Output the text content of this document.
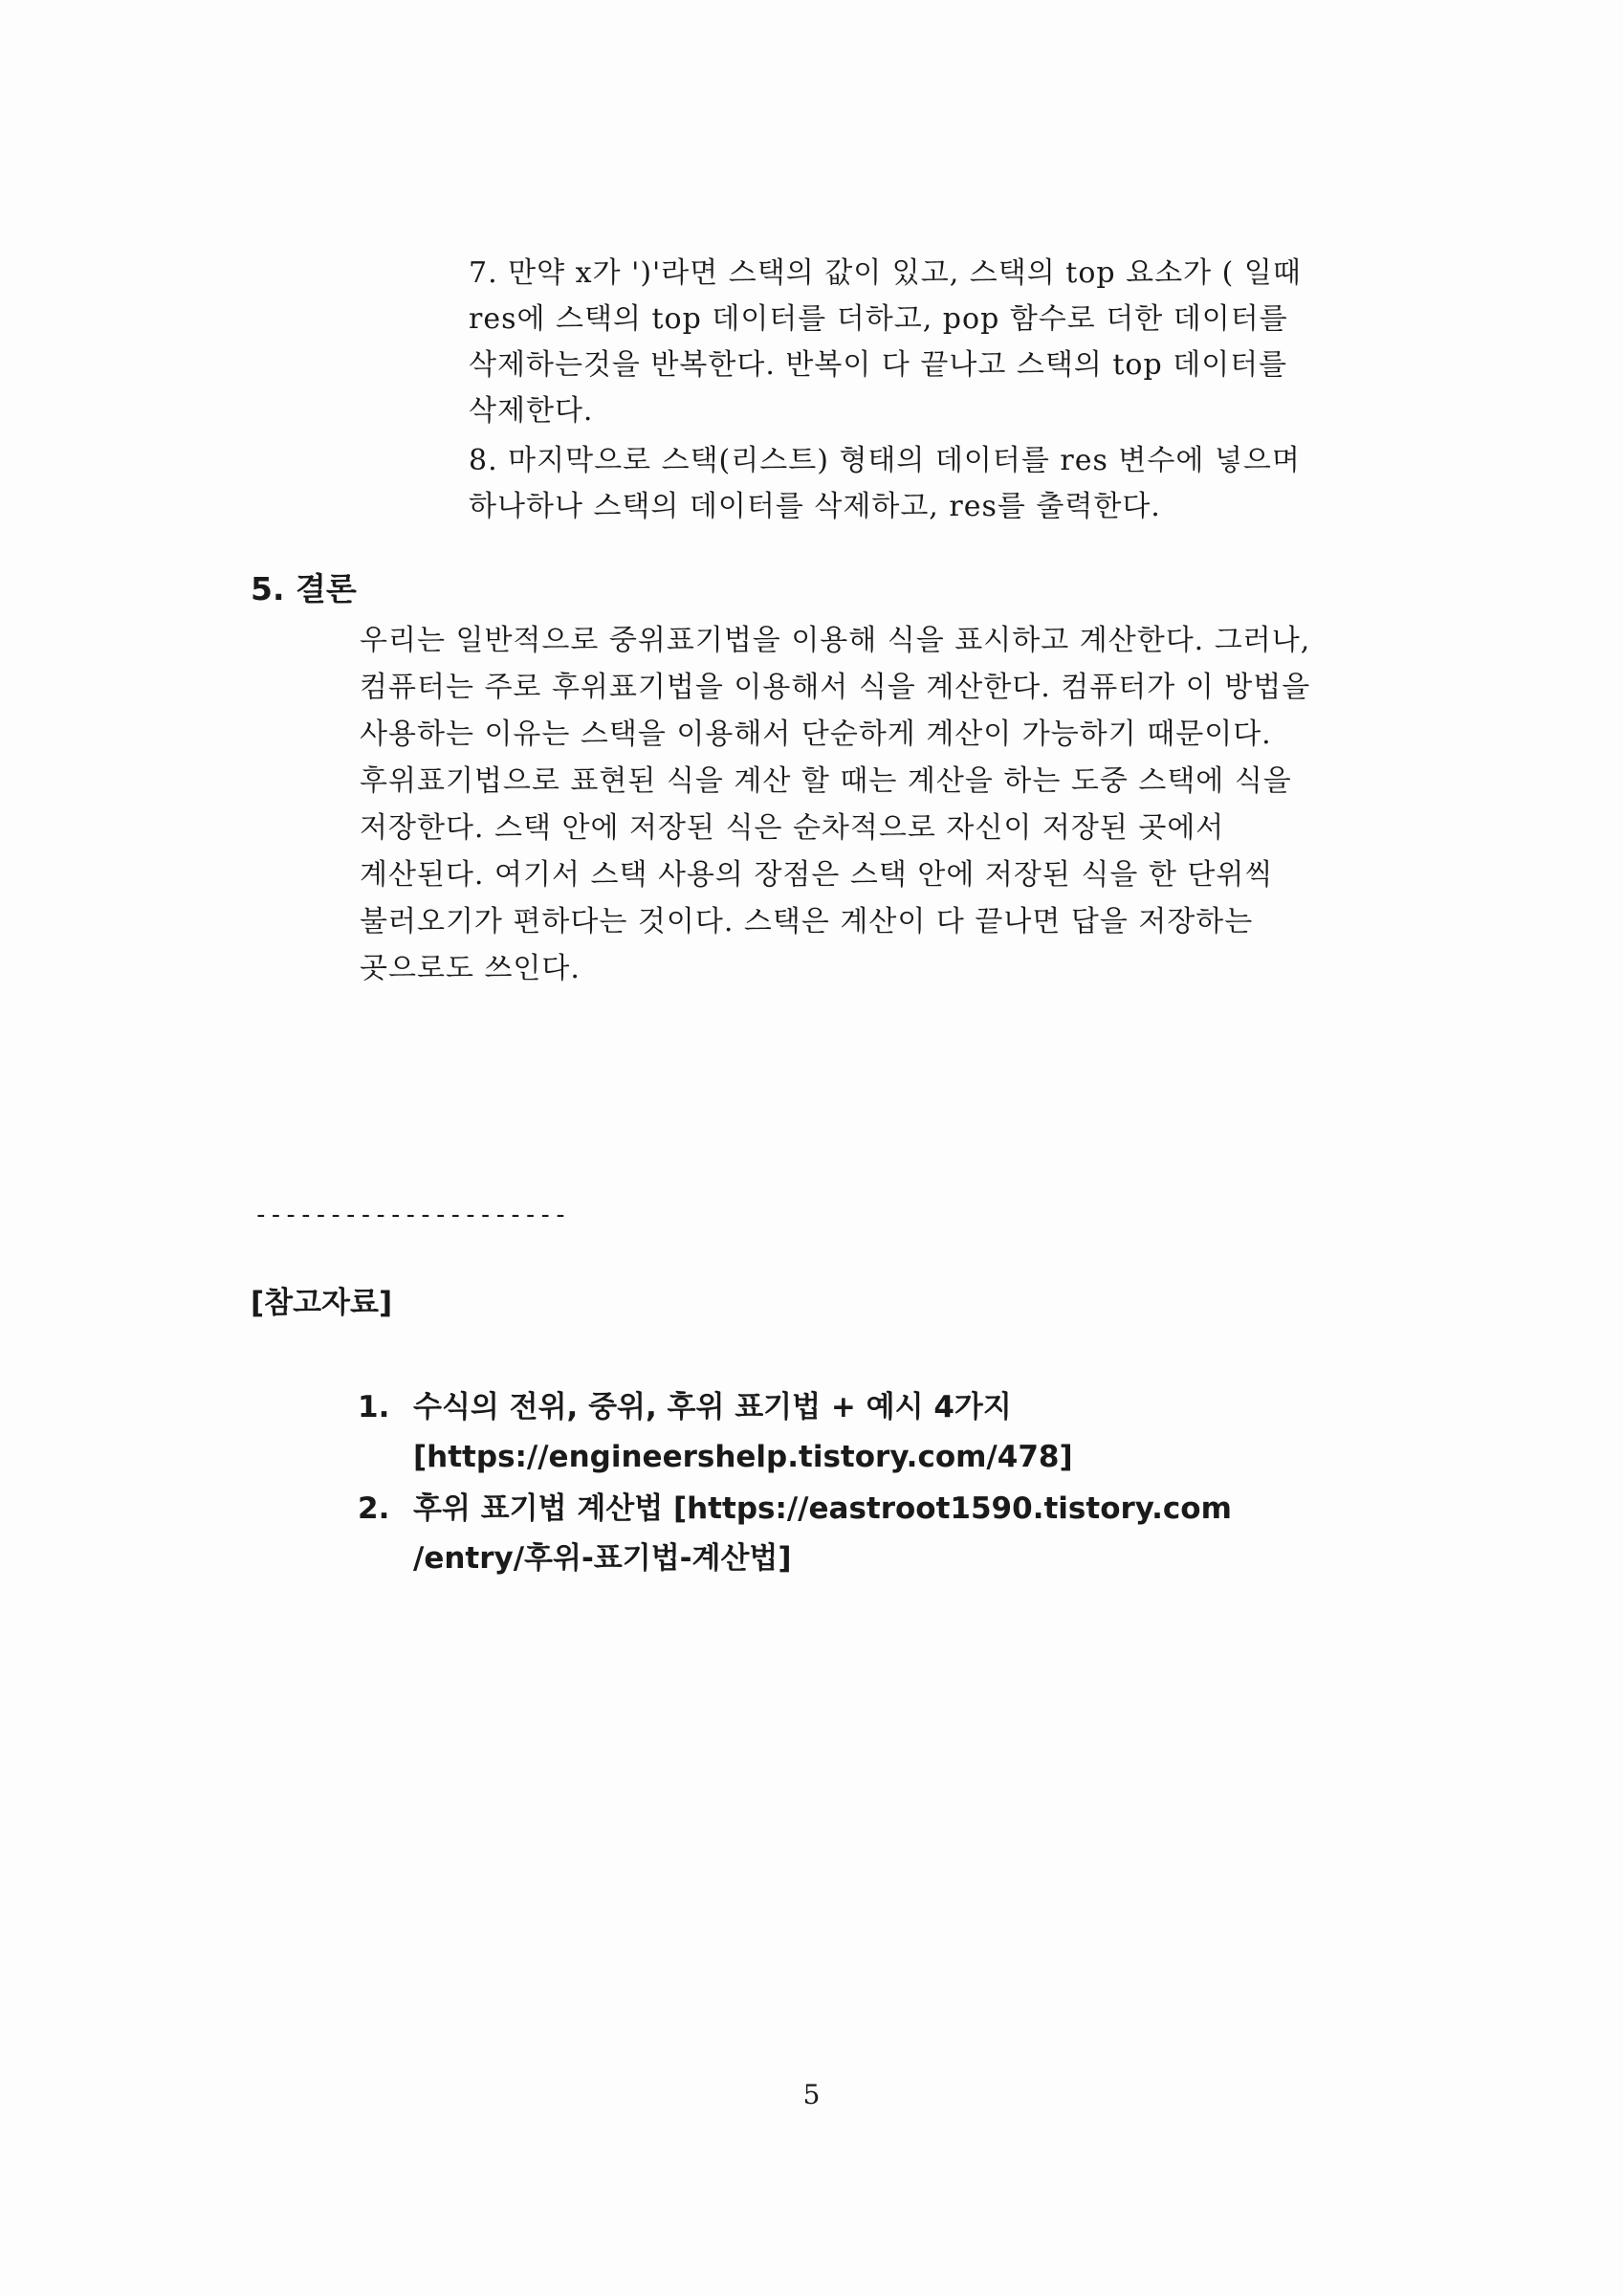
7. 만약 x가 ')'라면 스택의 값이 있고, 스택의 top 요소가 ( 일때
res에 스택의 top 데이터를 더하고, pop 함수로 더한 데이터를
삭제하는것을 반복한다. 반복이 다 끝나고 스택의 top 데이터를
삭제한다.
8. 마지막으로 스택(리스트) 형태의 데이터를 res 변수에 넣으며
하나하나 스택의 데이터를 삭제하고, res를 출력한다.
5. 결론
우리는 일반적으로 중위표기법을 이용해 식을 표시하고 계산한다. 그러나,
컴퓨터는 주로 후위표기법을 이용해서 식을 계산한다. 컴퓨터가 이 방법을
사용하는 이유는 스택을 이용해서 단순하게 계산이 가능하기 때문이다.
후위표기법으로 표현된 식을 계산 할 때는 계산을 하는 도중 스택에 식을
저장한다. 스택 안에 저장된 식은 순차적으로 자신이 저장된 곳에서
계산된다. 여기서 스택 사용의 장점은 스택 안에 저장된 식을 한 단위씩
불러오기가 편하다는 것이다. 스택은 계산이 다 끝나면 답을 저장하는
곳으로도 쓰인다.
---------------------
[참고자료]
1. 수식의 전위, 중위, 후위 표기법 + 예시 4가지
[https://engineershelp.tistory.com/478]
2. 후위 표기법 계산법 [https://eastroot1590.tistory.com
/entry/후위-표기법-계산법]
5
